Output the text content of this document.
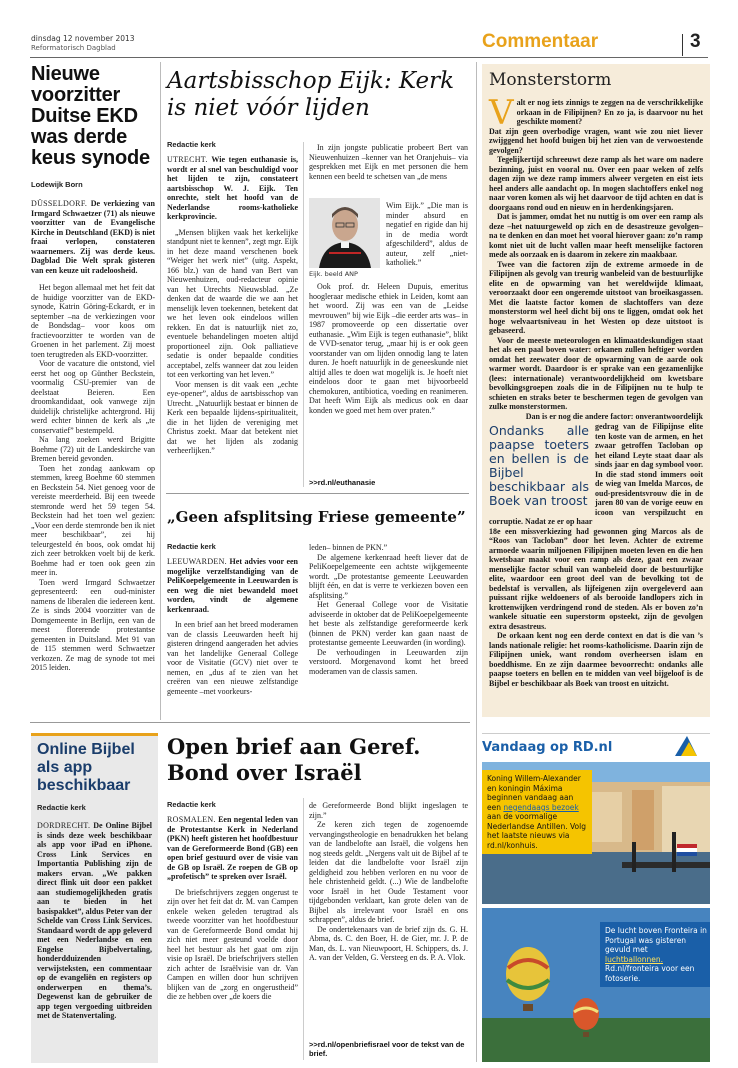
dinsdag 12 november 2013
Reformatorisch Dagblad	Commentaar	3
Nieuwe voorzitter Duitse EKD was derde keus synode
Lodewijk Born

DÜSSELDORF. De verkiezing van Irmgard Schwaetzer (71) als nieuwe voorzitter van de Evangelische Kirche in Deutschland (EKD) is niet fraai verlopen, constateren waarnemers. Zij was derde keus. Dagblad Die Welt sprak gisteren van een keuze uit radeloosheid.

Het begon allemaal met het feit dat de huidige voorzitter van de EKD-synode, Katrin Göring-Eckardt, er in september –na de verkiezingen voor de Bondsdag– voor koos om fractievoorzitter te worden van de Groenen in het parlement. Zij moest toen terugtreden als EKD-voorzitter.

Voor de vacature die ontstond, viel eerst het oog op Günther Beckstein, voormalig CSU-premier van de deelstaat Beieren. Een droomkandidaat, ook vanwege zijn duidelijk christelijke achtergrond. Hij werd echter binnen de kerk als „te conservatief” bestempeld.

Na lang zoeken werd Brigitte Boehme (72) uit de Landeskirche van Bremen bereid gevonden.

Toen het zondag aankwam op stemmen, kreeg Boehme 60 stemmen en Beckstein 54. Niet genoeg voor de vereiste meerderheid. Bij een tweede stemronde werd het 59 tegen 54. Beckstein had het toen wel gezien: „Voor een derde stemronde ben ik niet meer beschikbaar”, zei hij teleurgesteld én boos, ook omdat hij zich zeer betrokken voelt bij de kerk. Boehme had er toen ook geen zin meer in.

Toen werd Irmgard Schwaetzer gepresenteerd: een oud-minister namens de liberalen die iedereen kent. Ze is sinds 2004 voorzitter van de Domgemeente in Berlijn, een van de meest florerende protestantse gemeenten in Duitsland. Met 91 van de 115 stemmen werd Schwaetzer verkozen. Ze mag de synode tot mei 2015 leiden.

Aartsbisschop Eijk: Kerk is niet vóór lijden
Redactie kerk

UTRECHT. Wie tegen euthanasie is, wordt er al snel van beschuldigd voor het lijden te zijn, constateert aartsbisschop W. J. Eijk. Ten onrechte, stelt het hoofd van de Nederlandse rooms-katholieke kerkprovincie.

„Mensen blijken vaak het kerkelijke standpunt niet te kennen”, zegt mgr. Eijk in het deze maand verschenen boek “Weiger het werk niet” (uitg. Aspekt, 166 blz.) van de hand van Bert van Nieuwenhuizen, oud-redacteur opinie van het Utrechts Nieuwsblad. „Ze denken dat de waarde die we aan het menselijk leven toekennen, betekent dat we het leven ook eindeloos willen rekken. En dat is natuurlijk niet zo, eventuele behandelingen moeten altijd proportioneel zijn. Ook palliatieve sedatie is onder bepaalde condities acceptabel, zelfs wanneer dat zou leiden tot een verkorting van het leven.”

Voor mensen is dit vaak een „echte eye-opener”, aldus de aartsbisschop van Utrecht. „Natuurlijk bestaat er binnen de Kerk een bepaalde lijdens-spiritualiteit, die in het lijden de vereniging met Christus zoekt. Maar dat betekent niet dat we het lijden als zodanig verheerlijken.”

In zijn jongste publicatie probeert Bert van Nieuwenhuizen –kenner van het Oranjehuis– via gesprekken met Eijk en met personen die hem kennen een beeld te schetsen van „de mens

Eijk. beeld ANP

Wim Eijk.” „Die man is minder absurd en negatief en rigide dan hij in de media wordt afgeschilderd”, aldus de auteur, zelf „niet-katholiek.”

Ook prof. dr. Heleen Dupuis, emeritus hoogleraar medische ethiek in Leiden, komt aan het woord. Zij was een van de „Leidse mevrouwen” bij wie Eijk –die eerder arts was– in 1987 promoveerde op een dissertatie over euthanasie. „Wim Eijk is tegen euthanasie”, blikt de VVD-senator terug, „maar hij is er ook geen voorstander van om lijden onnodig lang te laten duren. Je hoeft natuurlijk in de geneeskunde niet altijd alles te doen wat mogelijk is. Je hoeft niet eindeloos door te gaan met bijvoorbeeld chemokuren, antibiotica, voeding en reanimeren. Dat heeft Wim Eijk als medicus ook en daar konden we goed met hem over praten.”

>>rd.nl/euthanasie
„Geen afsplitsing Friese gemeente”
Redactie kerk

LEEUWARDEN. Het advies voor een mogelijke verzelfstandiging van de PeliKoepelgemeente in Leeuwarden is een weg die niet bewandeld moet worden, vindt de algemene kerkenraad.

In een brief aan het breed moderamen van de classis Leeuwarden heeft hij gisteren dringend aangeraden het advies van het landelijke Generaal College voor de Visitatie (GCV) niet over te nemen, en „dus af te zien van het creëren van een nieuwe zelfstandige gemeente –met voorkeurs-

leden– binnen de PKN.”

De algemene kerkenraad heeft liever dat de PeliKoepelgemeente een achtste wijkgemeente wordt. „De protestantse gemeente Leeuwarden blijft één, en dat is verre te verkiezen boven een afsplitsing.”

Het Generaal College voor de Visitatie adviseerde in oktober dat de PeliKoepelgemeente het beste als zelfstandige gereformeerde kerk (binnen de PKN) verder kan gaan naast de protestantse gemeente Leeuwarden (in wording).

De verhoudingen in Leeuwarden zijn verstoord. Morgenavond komt het breed moderamen van de classis samen.

Online Bijbel als app beschikbaar
Redactie kerk

DORDRECHT. De Online Bijbel is sinds deze week beschikbaar als app voor iPad en iPhone. Cross Link Services en Importantia Publishing zijn de makers ervan. „We pakken direct flink uit door een pakket aan studiemogelijkheden gratis aan te bieden in het basispakket”, aldus Peter van der Schelde van Cross Link Services. Standaard wordt de app geleverd met een Nederlandse en een Engelse Bijbelvertaling, honderdduizenden verwijsteksten, een commentaar op de evangeliën en registers op onderwerpen en thema’s. Degewenst kan de gebruiker de app tegen vergoeding uitbreiden met de Statenvertaling.

Open brief aan Geref. Bond over Israël
Redactie kerk

ROSMALEN. Een negental leden van de Protestantse Kerk in Nederland (PKN) heeft gisteren het hoofdbestuur van de Gereformeerde Bond (GB) een open brief gestuurd over de visie van de GB op Israël. Ze roepen de GB op „profetisch” te spreken over Israël.

De briefschrijvers zeggen ongerust te zijn over het feit dat dr. M. van Campen enkele weken geleden terugtrad als tweede voorzitter van het hoofdbestuur van de Gereformeerde Bond omdat hij zich niet meer gesteund voelde door heel het bestuur als het gaat om zijn visie op Israël. De briefschrijvers stellen zich achter de Israëlvisie van dr. Van Campen en willen door hun schrijven blijken van de „zorg en ongerustheid” die ze hebben over „de koers die

de Gereformeerde Bond blijkt ingeslagen te zijn.”

Ze keren zich tegen de zogenoemde vervangingstheologie en benadrukken het belang van de landbelofte aan Israël, die volgens hen nog steeds geldt. „Nergens valt uit de Bijbel af te leiden dat die landbelofte voor Israël zijn geldigheid zou hebben verloren en nu voor de hele christenheid geldt. (...) Wie de landbelofte voor Israël in het Oude Testament voor tijdgebonden verklaart, kan grote delen van de Bijbel als irrelevant voor Israël en ons schrappen”, aldus de brief.

De ondertekenaars van de brief zijn ds. G. H. Abma, ds. C. den Boer, H. de Gier, mr. J. P. de Man, ds. L. van Nieuwpoort, H. Schippers, ds. J. A. van der Velden, G. Versteeg en ds. P. A. Vlok.

>>rd.nl/openbriefisrael voor de tekst van de brief.
Monsterstorm
V alt er nog iets zinnigs te zeggen na de verschrikkelijke orkaan in de Filipijnen? En zo ja, is daarvoor nu het geschikte moment?

Dat zijn geen overbodige vragen, want wie zou niet liever zwijggend het hoofd buigen bij het zien van de verwoestende gevolgen?

Tegelijkertijd schreeuwt deze ramp als het ware om nadere bezinning, juist en vooral nu. Over een paar weken of zelfs dagen zijn we deze ramp immers alweer vergeten en eist iets heel anders alle aandacht op. In mogen slachtoffers enkel nog naar voren komen als wij het daarvoor de tijd achten en dat is doorgaans rond oud en nieuw en in herdenkingsjaren.

Dat is jammer, omdat het nu nuttig is om over een ramp als deze –het natuurgeweld op zich en de desastreuze gevolgen– na te denken en dan moet het vooral hierover gaan: zo’n ramp komt niet uit de lucht vallen maar heeft menselijke factoren mede als oorzaak en is daarom in zekere zin maakbaar.

Twee van die factoren zijn de extreme armoede in de Filipijnen als gevolg van treurig wanbeleid van de bestuurlijke elite en de opwarming van het wereldwijde klimaat, veroorzaakt door een ongeremde uitstoot van broeikasgassen. Met die laatste factor komen de slachtoffers van deze monsterstorm wel heel dicht bij ons te liggen, omdat ook het hoge welvaartsniveau in het Westen op deze uitstoot is gebaseerd.

Voor de meeste meteorologen en klimaatdeskundigen staat het als een paal boven water: orkanen zullen heftiger worden omdat het zeewater door de opwarming van de aarde ook warmer wordt. Daardoor is er sprake van een gezamenlijke (lees: internationale) verantwoordelijkheid om kwetsbare bevolkingsgroepen zoals die in de Filipijnen nu te hulp te schieten en straks beter te beschermen tegen de gevolgen van zulke monsterstormen.

Dan is er nog die andere factor: onverantwoordelijk

Ondanks alle paapse toeters en bellen is de Bijbel beschikbaar als Boek van troost

gedrag van de Filipijnse elite ten koste van de armen, en het zwaar getroffen Tacloban op het eiland Leyte staat daar als sinds jaar en dag symbool voor. In die stad stond immers ooit de wieg van Imelda Marcos, de oud-presidentsvrouw die in de jaren 80 van de vorige eeuw en icoon van verspilzucht en corruptie. Nadat ze er op haar

18e een missverkiezing had gewonnen ging Marcos als de “Roos van Tacloban” door het leven. Achter de extreme armoede waarin miljoenen Filipijnen moeten leven en die hen kwetsbaar maakt voor een ramp als deze, gaat een zwaar menselijke factor schuil van wanbeleid door de bestuurlijke elite, waardoor een groot deel van de bevolking tot de bedelstaf is vervallen, als lijfeigenen zijn overgeleverd aan puissant rijke weldoeners of als berooide landlopers zich in krottenwijken verdringend rond de steden. Als er boven zo’n wankele situatie een superstorm opsteekt, zijn de gevolgen extra desastreus.

De orkaan kent nog een derde context en dat is die van ’s lands nationale religie: het rooms-katholicisme. Daarin zijn de Filipijnen uniek, want rondom overheersen islam en boeddhisme. En ze zijn daarmee bevoorrecht: ondanks alle paapse toeters en bellen en te midden van veel bijgeloof is de Bijbel er beschikbaar als Boek van troost en uitzicht.

Vandaag op RD.nl
Koning Willem-Alexander en koningin Máxima beginnen vandaag aan een negendaags bezoek aan de voormalige Nederlandse Antillen. Volg het laatste nieuws via rd.nl/konhuis.
De lucht boven Fronteira in Portugal was gisteren gevuld met luchtballonnen. Rd.nl/fronteira voor een fotoserie.
